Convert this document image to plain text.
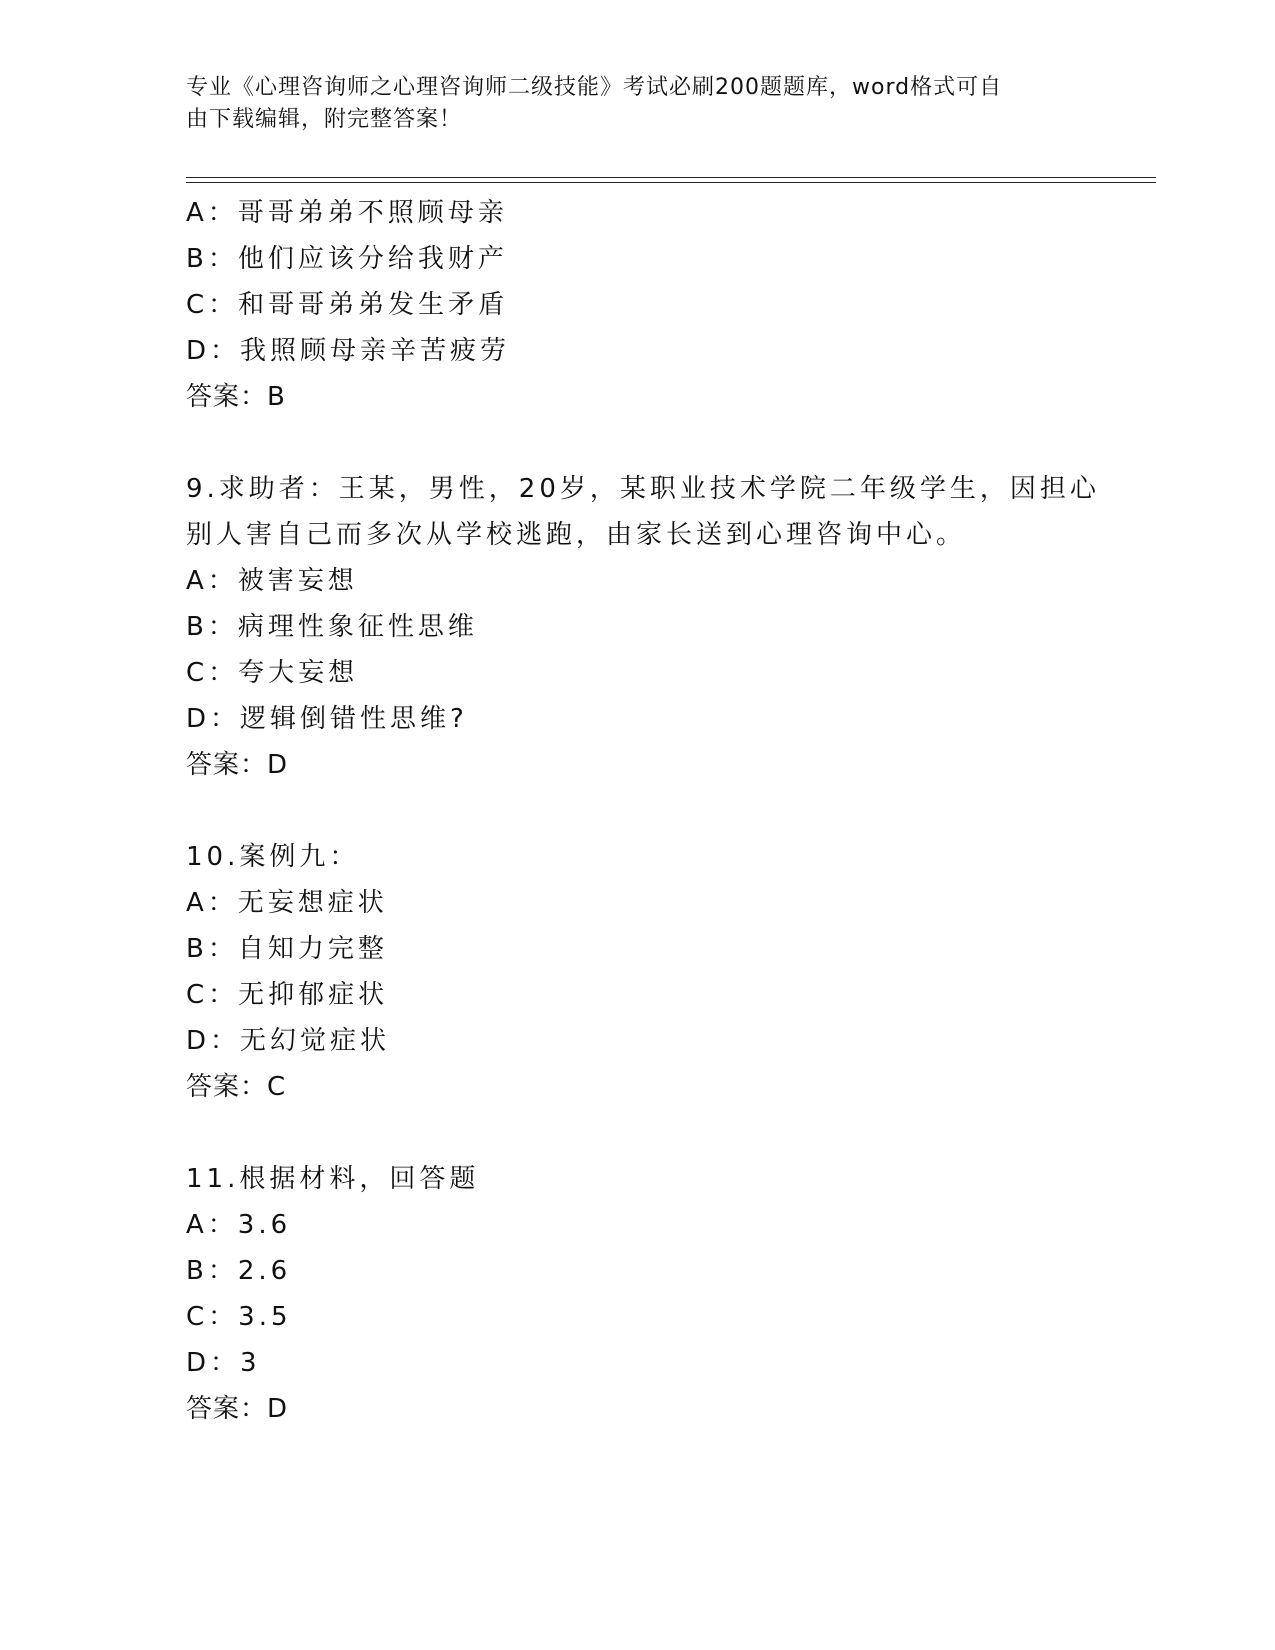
专业《心理咨询师之心理咨询师二级技能》考试必刷200题题库，word格式可自
由下载编辑，附完整答案！
A：哥哥弟弟不照顾母亲
B：他们应该分给我财产
C：和哥哥弟弟发生矛盾
D：我照顾母亲辛苦疲劳
答案：B
9.求助者：王某，男性，20岁，某职业技术学院二年级学生，因担心
别人害自己而多次从学校逃跑，由家长送到心理咨询中心。
A：被害妄想
B：病理性象征性思维
C：夸大妄想
D：逻辑倒错性思维?
答案：D
10.案例九：
A：无妄想症状
B：自知力完整
C：无抑郁症状
D：无幻觉症状
答案：C
11.根据材料，回答题
A：3.6
B：2.6
C：3.5
D：3
答案：D
